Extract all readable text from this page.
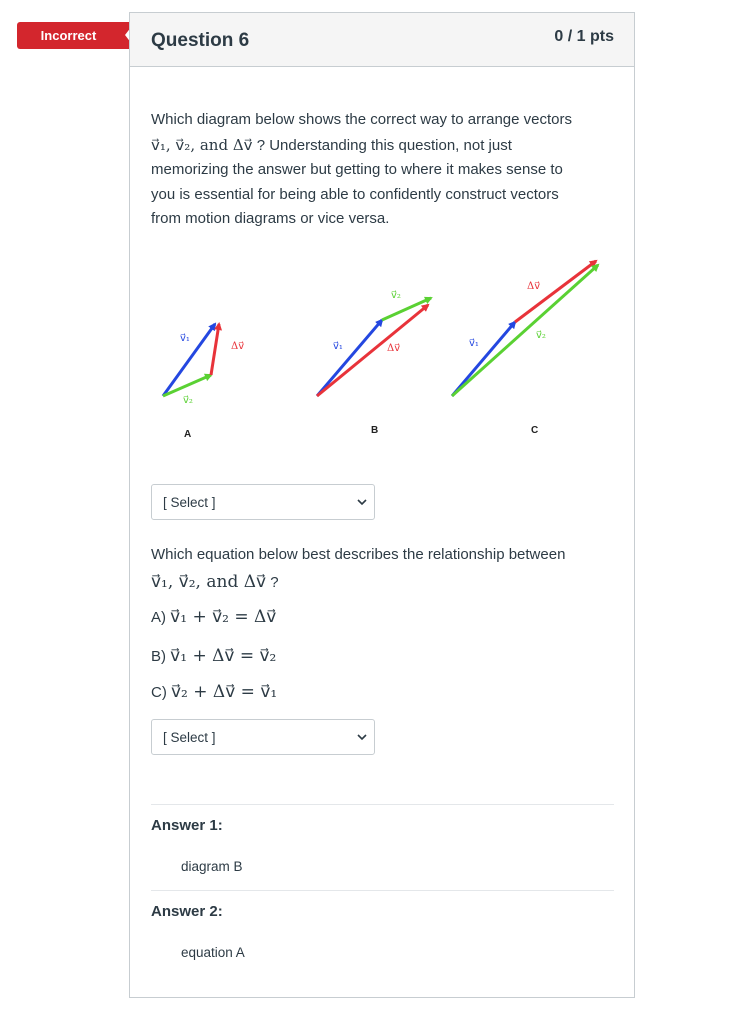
Incorrect	Question 6	0 / 1 pts
Which diagram below shows the correct way to arrange vectors
v⃗₁, v⃗₂, and Δv⃗ ? Understanding this question, not just
memorizing the answer but getting to where it makes sense to
you is essential for being able to confidently construct vectors
from motion diagrams or vice versa.
v⃗₁
Δv⃗
v⃗₂
A
v⃗₁
v⃗₂
Δv⃗
B
v⃗₁
Δv⃗
v⃗₂
C
[ Select ]
Which equation below best describes the relationship between
v⃗₁, v⃗₂, and Δv⃗ ?
A) v⃗₁ + v⃗₂ = Δv⃗
B) v⃗₁ + Δv⃗ = v⃗₂
C) v⃗₂ + Δv⃗ = v⃗₁
[ Select ]
Answer 1:
diagram B
Answer 2:
equation A
